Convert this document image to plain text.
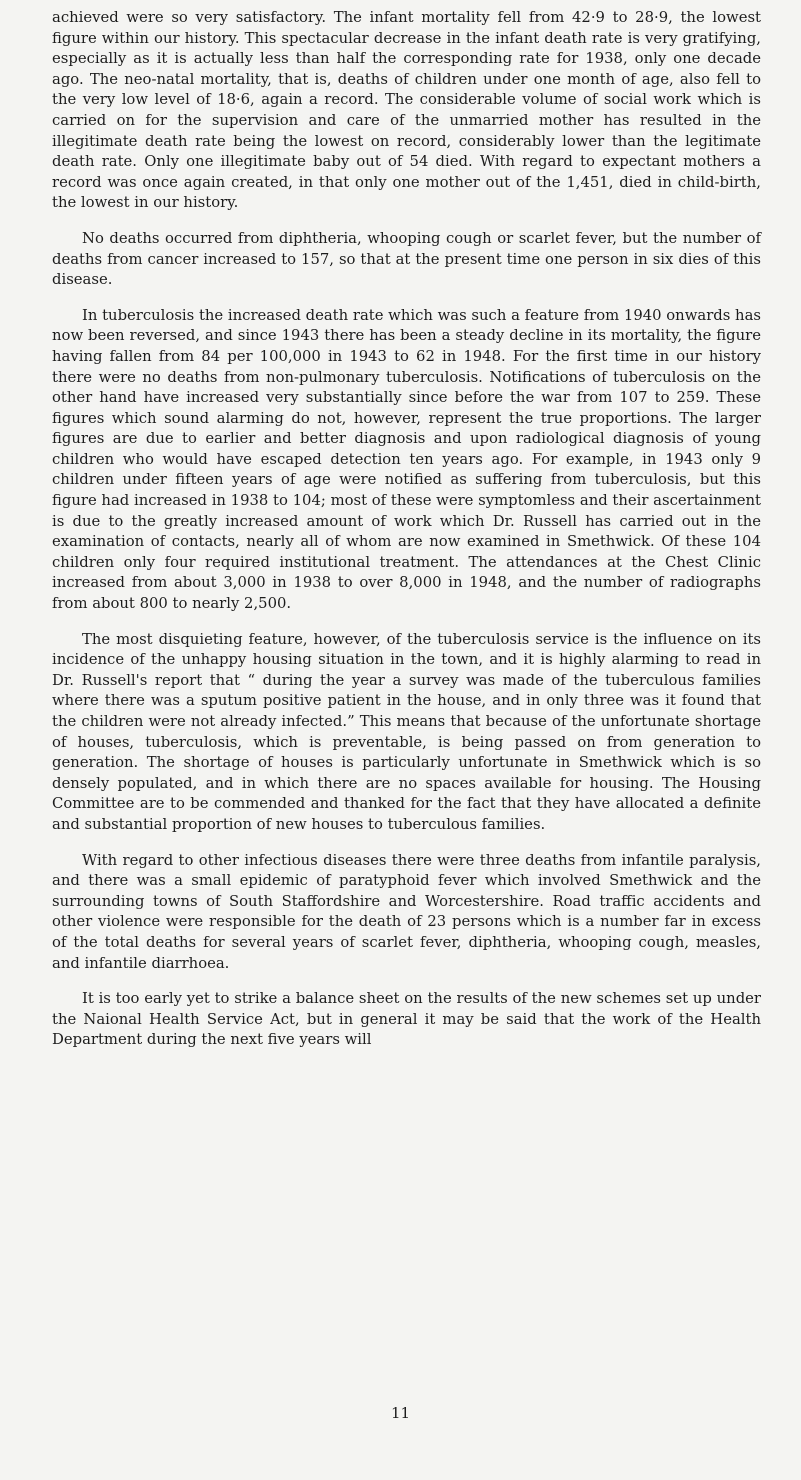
achieved were so very satisfactory. The infant mortality fell from 42·9 to 28·9, the lowest figure within our history. This spectacular decrease in the infant death rate is very gratifying, especially as it is actually less than half the corresponding rate for 1938, only one decade ago. The neo-natal mortality, that is, deaths of children under one month of age, also fell to the very low level of 18·6, again a record. The considerable volume of social work which is carried on for the supervision and care of the unmarried mother has resulted in the illegitimate death rate being the lowest on record, considerably lower than the legitimate death rate. Only one illegitimate baby out of 54 died. With regard to expectant mothers a record was once again created, in that only one mother out of the 1,451, died in child-birth, the lowest in our history.

No deaths occurred from diphtheria, whooping cough or scarlet fever, but the number of deaths from cancer increased to 157, so that at the present time one person in six dies of this disease.

In tuberculosis the increased death rate which was such a feature from 1940 onwards has now been reversed, and since 1943 there has been a steady decline in its mortality, the figure having fallen from 84 per 100,000 in 1943 to 62 in 1948. For the first time in our history there were no deaths from non-pulmonary tuberculosis. Notifications of tuberculosis on the other hand have increased very substantially since before the war from 107 to 259. These figures which sound alarming do not, however, represent the true proportions. The larger figures are due to earlier and better diagnosis and upon radiological diagnosis of young children who would have escaped detection ten years ago. For example, in 1943 only 9 children under fifteen years of age were notified as suffering from tuberculosis, but this figure had increased in 1938 to 104; most of these were symptomless and their ascertainment is due to the greatly increased amount of work which Dr. Russell has carried out in the examination of contacts, nearly all of whom are now examined in Smethwick. Of these 104 children only four required institutional treatment. The attendances at the Chest Clinic increased from about 3,000 in 1938 to over 8,000 in 1948, and the number of radiographs from about 800 to nearly 2,500.

The most disquieting feature, however, of the tuberculosis service is the influence on its incidence of the unhappy housing situation in the town, and it is highly alarming to read in Dr. Russell's report that “ during the year a survey was made of the tuberculous families where there was a sputum positive patient in the house, and in only three was it found that the children were not already infected.” This means that because of the unfortunate shortage of houses, tuberculosis, which is preventable, is being passed on from generation to generation. The shortage of houses is particularly unfortunate in Smethwick which is so densely populated, and in which there are no spaces available for housing. The Housing Committee are to be commended and thanked for the fact that they have allocated a definite and substantial proportion of new houses to tuberculous families.

With regard to other infectious diseases there were three deaths from infantile paralysis, and there was a small epidemic of paratyphoid fever which involved Smethwick and the surrounding towns of South Staffordshire and Worcestershire. Road traffic accidents and other violence were responsible for the death of 23 persons which is a number far in excess of the total deaths for several years of scarlet fever, diphtheria, whooping cough, measles, and infantile diarrhoea.

It is too early yet to strike a balance sheet on the results of the new schemes set up under the Naional Health Service Act, but in general it may be said that the work of the Health Department during the next five years will

11
